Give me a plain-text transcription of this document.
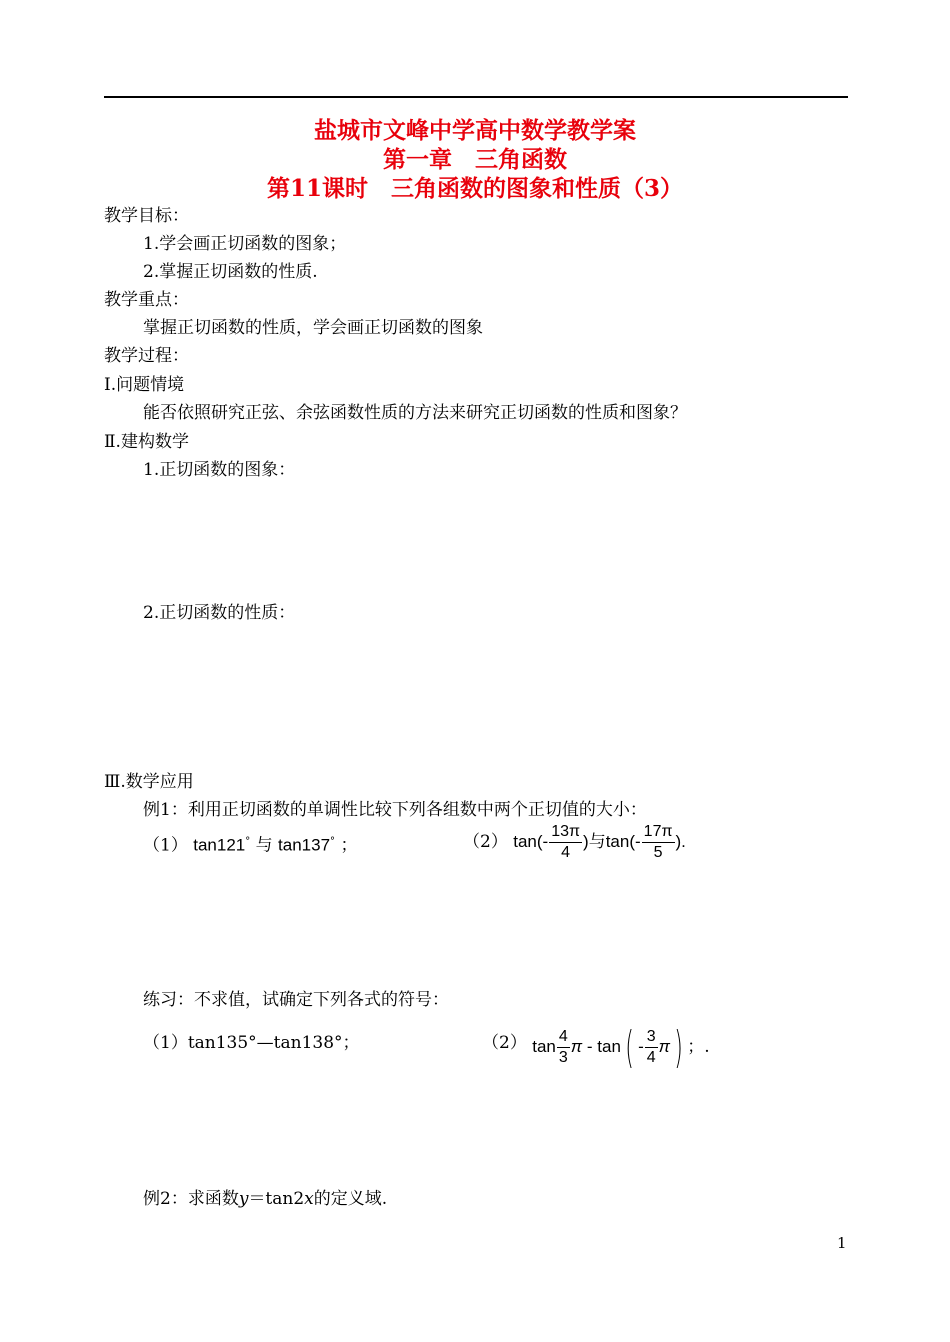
盐城市文峰中学高中数学教学案
第一章　三角函数
第11课时　三角函数的图象和性质（3）
教学目标：
1.学会画正切函数的图象；
2.掌握正切函数的性质.
教学重点：
掌握正切函数的性质，学会画正切函数的图象
教学过程：
Ⅰ.问题情境
能否依照研究正弦、余弦函数性质的方法来研究正切函数的性质和图象？
Ⅱ.建构数学
1.正切函数的图象：
2.正切函数的性质：
Ⅲ.数学应用
例1：利用正切函数的单调性比较下列各组数中两个正切值的大小：
（1） tan121° 与 tan137° ；	（2） $\tan(- \frac{13\pi}{4}$ )与$\tan(- \frac{17\pi}{5}$ ).
练习：不求值，试确定下列各式的符号：
（1）tan135°—tan138°；	（2） $\tan \frac{4}{3}$ π - $\tan( - \frac{3}{4} \pi)$ ；.
例2：求函数y＝tan2x的定义域.
1
